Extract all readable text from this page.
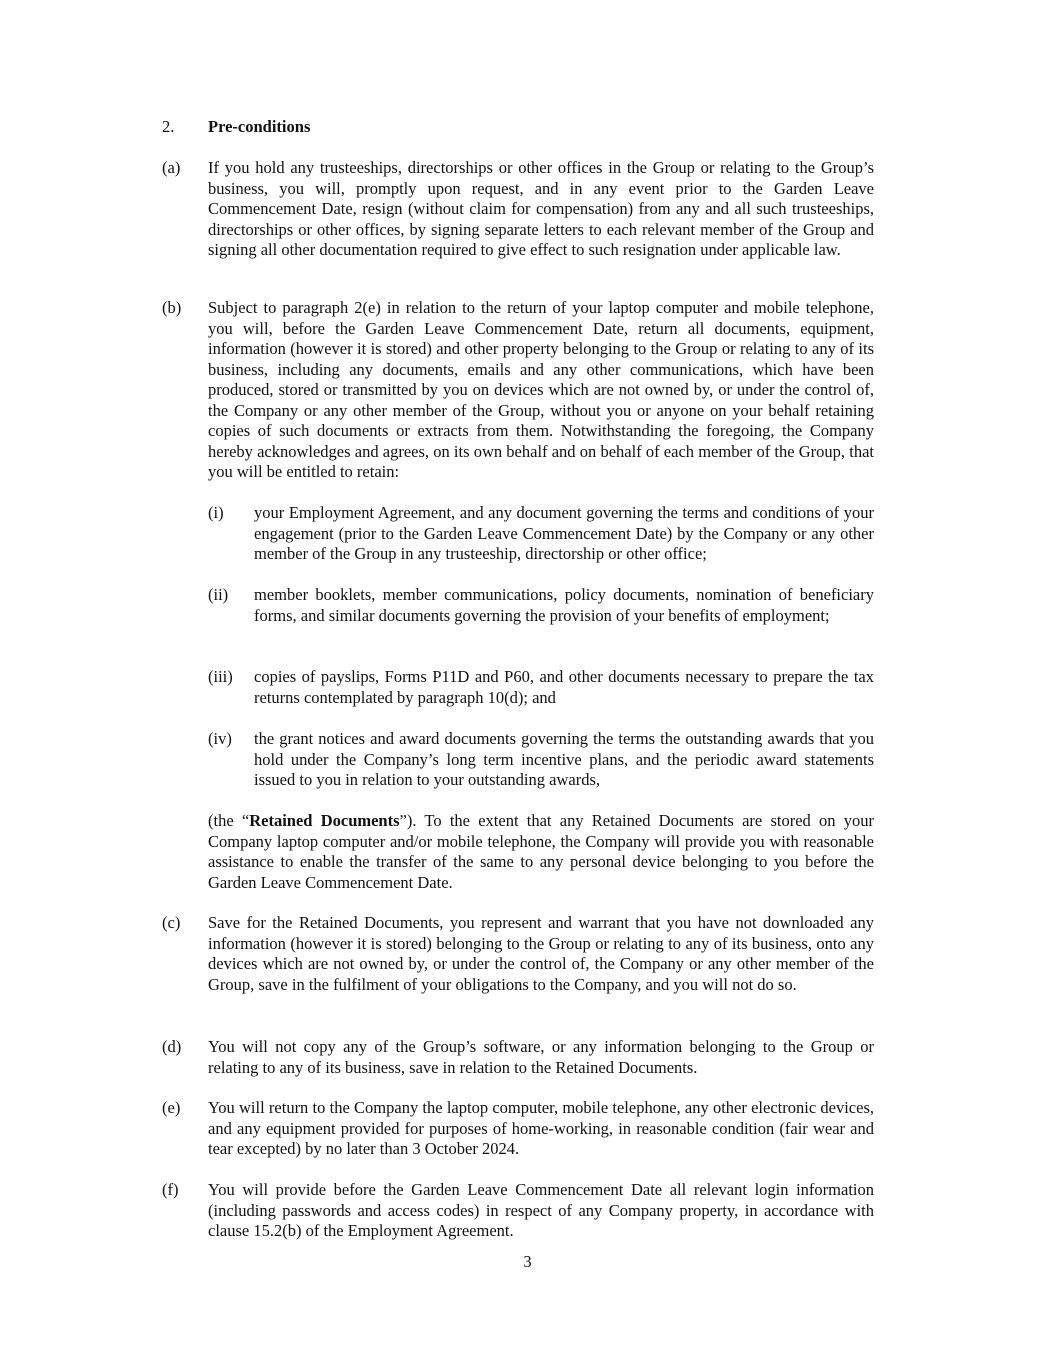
2. Pre-conditions
(a) If you hold any trusteeships, directorships or other offices in the Group or relating to the Group’s business, you will, promptly upon request, and in any event prior to the Garden Leave Commencement Date, resign (without claim for compensation) from any and all such trusteeships, directorships or other offices, by signing separate letters to each relevant member of the Group and signing all other documentation required to give effect to such resignation under applicable law.
(b) Subject to paragraph 2(e) in relation to the return of your laptop computer and mobile telephone, you will, before the Garden Leave Commencement Date, return all documents, equipment, information (however it is stored) and other property belonging to the Group or relating to any of its business, including any documents, emails and any other communications, which have been produced, stored or transmitted by you on devices which are not owned by, or under the control of, the Company or any other member of the Group, without you or anyone on your behalf retaining copies of such documents or extracts from them. Notwithstanding the foregoing, the Company hereby acknowledges and agrees, on its own behalf and on behalf of each member of the Group, that you will be entitled to retain:
(i) your Employment Agreement, and any document governing the terms and conditions of your engagement (prior to the Garden Leave Commencement Date) by the Company or any other member of the Group in any trusteeship, directorship or other office;
(ii) member booklets, member communications, policy documents, nomination of beneficiary forms, and similar documents governing the provision of your benefits of employment;
(iii) copies of payslips, Forms P11D and P60, and other documents necessary to prepare the tax returns contemplated by paragraph 10(d); and
(iv) the grant notices and award documents governing the terms the outstanding awards that you hold under the Company’s long term incentive plans, and the periodic award statements issued to you in relation to your outstanding awards,
(the “Retained Documents”). To the extent that any Retained Documents are stored on your Company laptop computer and/or mobile telephone, the Company will provide you with reasonable assistance to enable the transfer of the same to any personal device belonging to you before the Garden Leave Commencement Date.
(c) Save for the Retained Documents, you represent and warrant that you have not downloaded any information (however it is stored) belonging to the Group or relating to any of its business, onto any devices which are not owned by, or under the control of, the Company or any other member of the Group, save in the fulfilment of your obligations to the Company, and you will not do so.
(d) You will not copy any of the Group’s software, or any information belonging to the Group or relating to any of its business, save in relation to the Retained Documents.
(e) You will return to the Company the laptop computer, mobile telephone, any other electronic devices, and any equipment provided for purposes of home-working, in reasonable condition (fair wear and tear excepted) by no later than 3 October 2024.
(f) You will provide before the Garden Leave Commencement Date all relevant login information (including passwords and access codes) in respect of any Company property, in accordance with clause 15.2(b) of the Employment Agreement.
3
